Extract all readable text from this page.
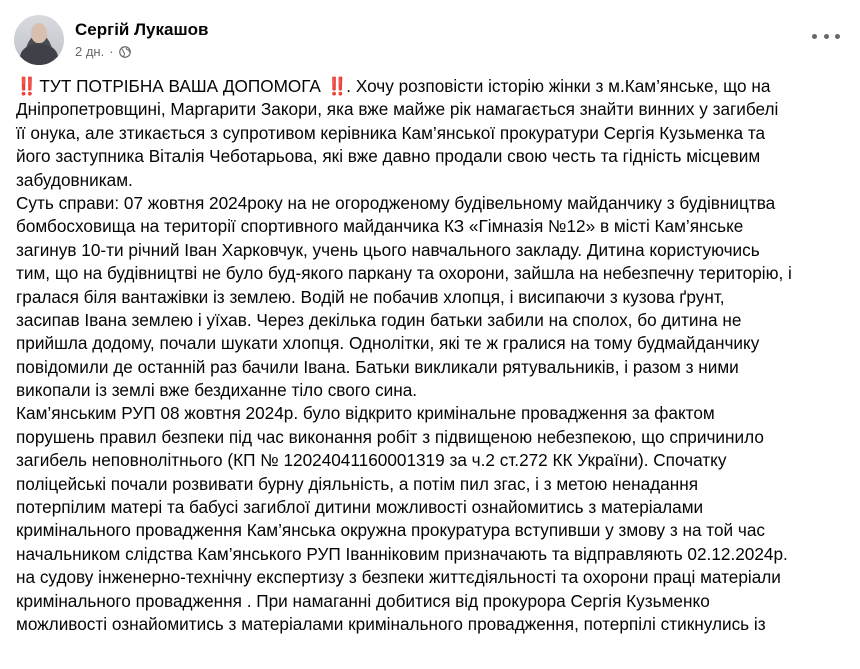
Сергій Лукашов
2 дн. ·
‼️ ТУТ ПОТРІБНА ВАША ДОПОМОГА ‼️. Хочу розповісти історію жінки з м.Кам’янське, що на
Дніпропетровщині, Маргарити Закори, яка вже майже рік намагається знайти винних у загибелі
її онука, але зтикається з супротивом керівника Кам’янської прокуратури Сергія Кузьменка та
його заступника Віталія Чеботарьова, які вже давно продали свою честь та гідність місцевим
забудовникам.
Суть справи: 07 жовтня 2024року на не огородженому будівельному майданчику з будівництва
бомбосховища на території спортивного майданчика КЗ «Гімназія №12» в місті Кам’янське
загинув 10-ти річний Іван Харковчук, учень цього навчального закладу. Дитина користуючись
тим, що на будівництві не було буд-якого паркану та охорони, зайшла на небезпечну територію, і
гралася біля вантажівки із землею. Водій не побачив хлопця, і висипаючи з кузова ґрунт,
засипав Івана землею і уїхав. Через декілька годин батьки забили на сполох, бо дитина не
прийшла додому, почали шукати хлопця. Однолітки, які те ж гралися на тому будмайданчику
повідомили де останній раз бачили Івана. Батьки викликали рятувальників, і разом з ними
викопали із землі вже бездиханне тіло свого сина.
Кам’янським РУП 08 жовтня 2024р. було відкрито кримінальне провадження за фактом
порушень правил безпеки під час виконання робіт з підвищеною небезпекою, що спричинило
загибель неповнолітнього (КП № 12024041160001319 за ч.2 ст.272 КК України). Спочатку
поліцейські почали розвивати бурну діяльність, а потім пил згас, і з метою ненадання
потерпілим матері та бабусі загиблої дитини можливості ознайомитись з матеріалами
кримінального провадження Кам’янська окружна прокуратура вступивши у змову з на той час
начальником слідства Кам’янського РУП Іваннiковим призначають та відправляють 02.12.2024р.
на судову інженерно-технічну експертизу з безпеки життєдіяльності та охорони праці матеріали
кримінального провадження . При намаганні добитися від прокурора Сергія Кузьменко
можливості ознайомитись з матеріалами кримінального провадження, потерпілі стикнулись із
